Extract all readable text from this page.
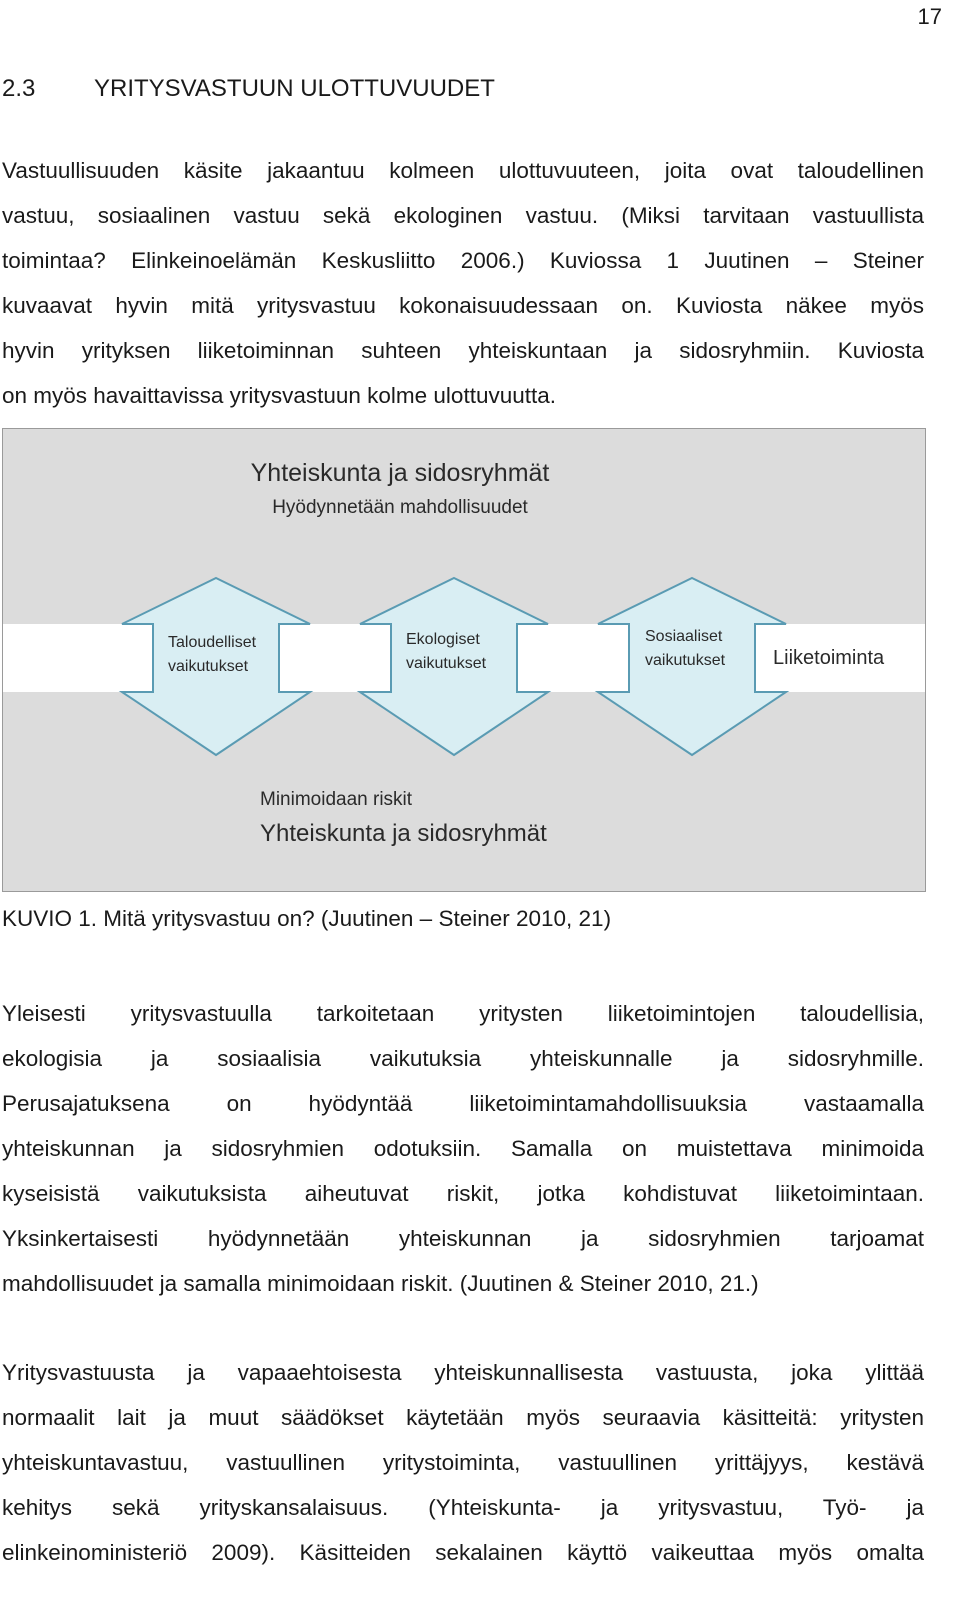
17
2.3 YRITYSVASTUUN ULOTTUVUUDET

Vastuullisuuden käsite jakaantuu kolmeen ulottuvuuteen, joita ovat taloudellinen
vastuu, sosiaalinen vastuu sekä ekologinen vastuu. (Miksi tarvitaan vastuullista
toimintaa? Elinkeinoelämän Keskusliitto 2006.) Kuviossa 1 Juutinen – Steiner
kuvaavat hyvin mitä yritysvastuu kokonaisuudessaan on. Kuviosta näkee myös
hyvin yrityksen liiketoiminnan suhteen yhteiskuntaan ja sidosryhmiin. Kuviosta
on myös havaittavissa yritysvastuun kolme ulottuvuutta.

Yhteiskunta ja sidosryhmät
Hyödynnetään mahdollisuudet
Taloudelliset
vaikutukset
Ekologiset
vaikutukset
Sosiaaliset
vaikutukset Liiketoiminta
Minimoidaan riskit
Yhteiskunta ja sidosryhmät
KUVIO 1. Mitä yritysvastuu on? (Juutinen – Steiner 2010, 21)

Yleisesti yritysvastuulla tarkoitetaan yritysten liiketoimintojen taloudellisia,
ekologisia ja sosiaalisia vaikutuksia yhteiskunnalle ja sidosryhmille.
Perusajatuksena on hyödyntää liiketoimintamahdollisuuksia vastaamalla
yhteiskunnan ja sidosryhmien odotuksiin. Samalla on muistettava minimoida
kyseisistä vaikutuksista aiheutuvat riskit, jotka kohdistuvat liiketoimintaan.
Yksinkertaisesti hyödynnetään yhteiskunnan ja sidosryhmien tarjoamat
mahdollisuudet ja samalla minimoidaan riskit. (Juutinen & Steiner 2010, 21.)

Yritysvastuusta ja vapaaehtoisesta yhteiskunnallisesta vastuusta, joka ylittää
normaalit lait ja muut säädökset käytetään myös seuraavia käsitteitä: yritysten
yhteiskuntavastuu, vastuullinen yritystoiminta, vastuullinen yrittäjyys, kestävä
kehitys sekä yrityskansalaisuus. (Yhteiskunta- ja yritysvastuu, Työ- ja
elinkeinoministeriö 2009). Käsitteiden sekalainen käyttö vaikeuttaa myös omalta
